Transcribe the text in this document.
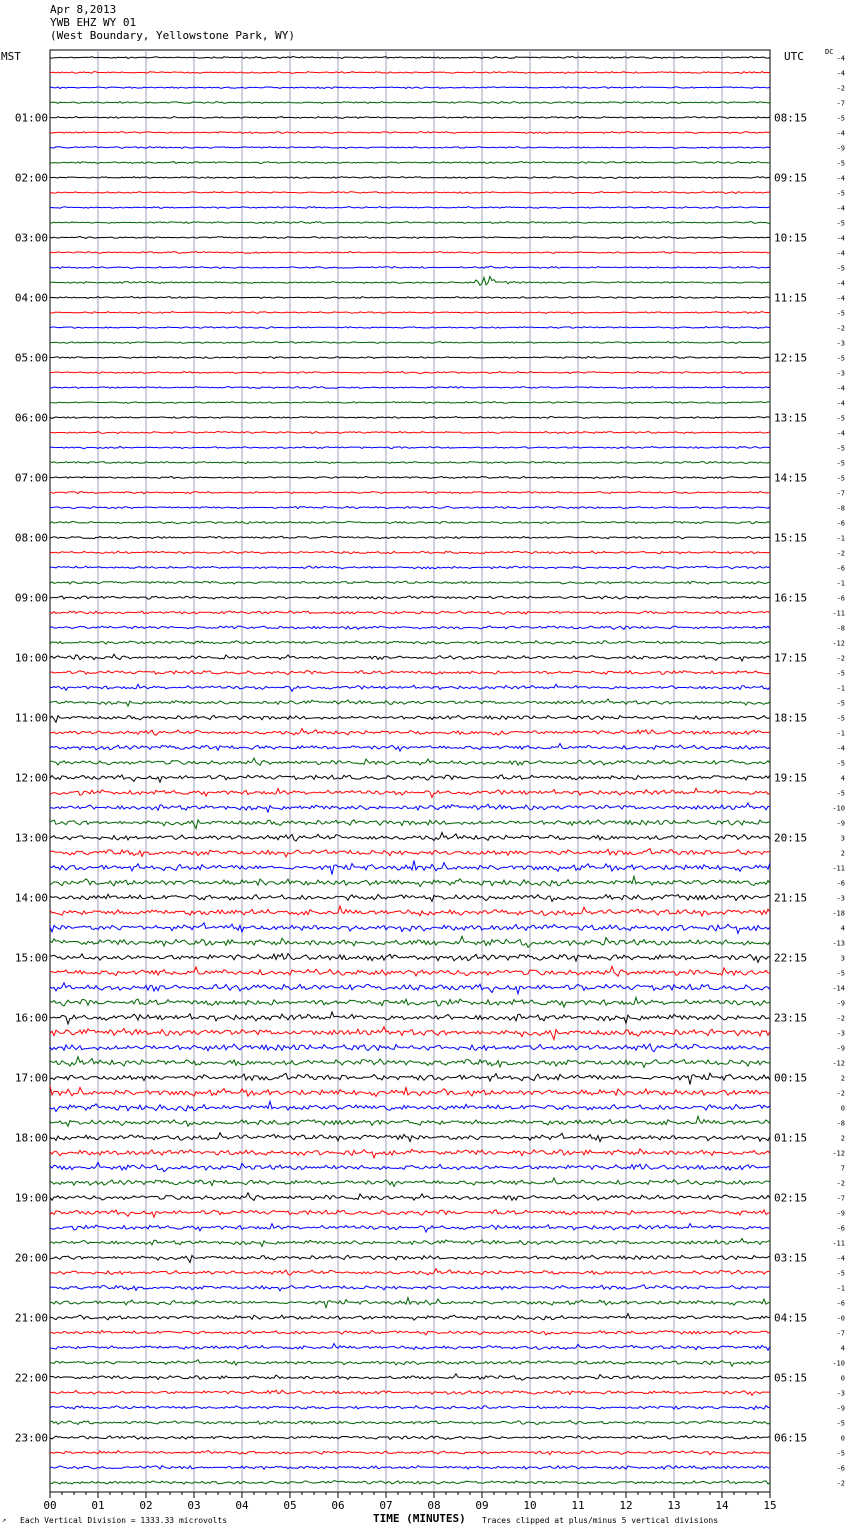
Apr 8,2013
YWB EHZ WY 01
(West Boundary, Yellowstone Park, WY)
MST	UTC	DC
00	01	02	03	04	05	06	07	08	09	10	11	12	13	14	15
-4
-4
-2
-7
-5
-4
-9
-5
-4
-5
-4
-5
-4
-4
-5
-4
-4
-5
-2
-3
-5
-3
-4
-4
-5
-4
-5
-5
-5
-7
-8
-6
-1
-2
-6
-1
-6
-11
-8
-12
-2
-5
-1
-5
-5
-1
-4
-5
4
-5
-10
-9
3
2
-11
-6
-3
-18
4
-13
3
-5
-14
-9
-2
-3
-9
-12
2
-2
0
-8
2
-12
7
-2
-7
-9
-6
-11
-4
-5
-1
-6
-0
-7
4
-10
0
-3
-9
-5
0
-5
-6
-2
01:00
02:00
03:00
04:00
05:00
06:00
07:00
08:00
09:00
10:00
11:00
12:00
13:00
14:00
15:00
16:00
17:00
18:00
19:00
20:00
21:00
22:00
23:00
08:15
09:15
10:15
11:15
12:15
13:15
14:15
15:15
16:15
17:15
18:15
19:15
20:15
21:15
22:15
23:15
00:15
01:15
02:15
03:15
04:15
05:15
06:15
TIME (MINUTES)
↗ Each Vertical Division = 1333.33 microvolts	Traces clipped at plus/minus 5 vertical divisions
